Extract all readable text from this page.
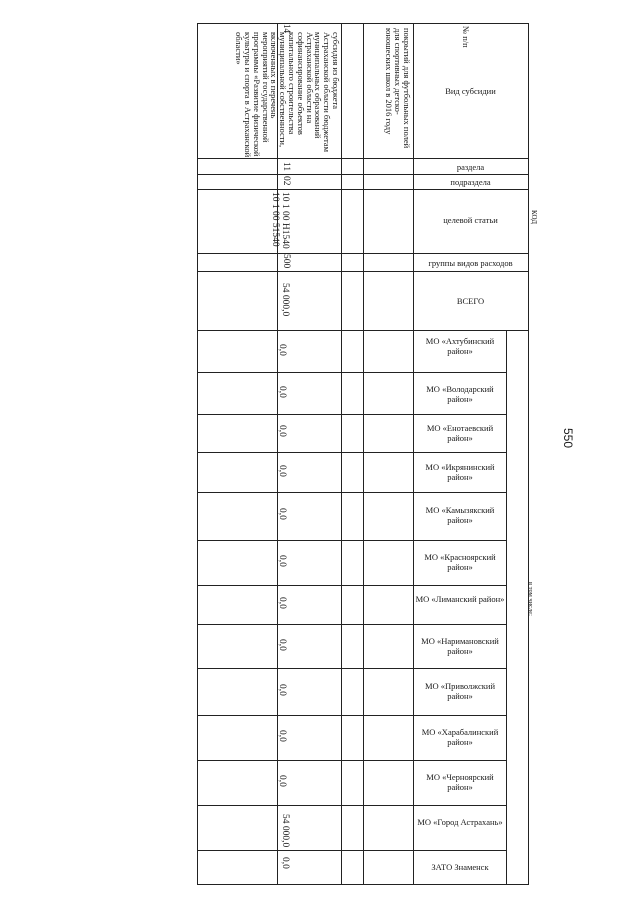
№ п/п
Вид субсидии
раздела
подраздела
целевой статьи
группы видов расходов
ВСЕГО
КОД
в том числе:
МО «Ахтубинский район»
МО «Володарский район»
МО «Енотаевский район»
МО «Икрянинский район»
МО «Камызякский район»
МО «Красноярский район»
МО «Лиманский район»
МО «Наримановский район»
МО «Приволжский район»
МО «Харабалинский район»
МО «Черноярский район»
МО «Город Астрахань»
ЗАТО Знаменск
покрытий для футбольных полей для спортивных детско-юношеских школ в 2016 году
14
субсидия из бюджета Астраханской области бюджетам муниципальных образований Астраханской области на софинансирование объектов капитального строительства муниципальной собственности, включенных в перечень мероприятий государственной программы «Развитие физической культуры и спорта в Астраханской области»
11
02
10 1 00 Н1540
10 1 00 51540
500
54 000,0
0,0
0,0
0,0
0,0
0,0
0,0
0,0
0,0
0,0
0,0
0,0
54 000,0
0,0
550
